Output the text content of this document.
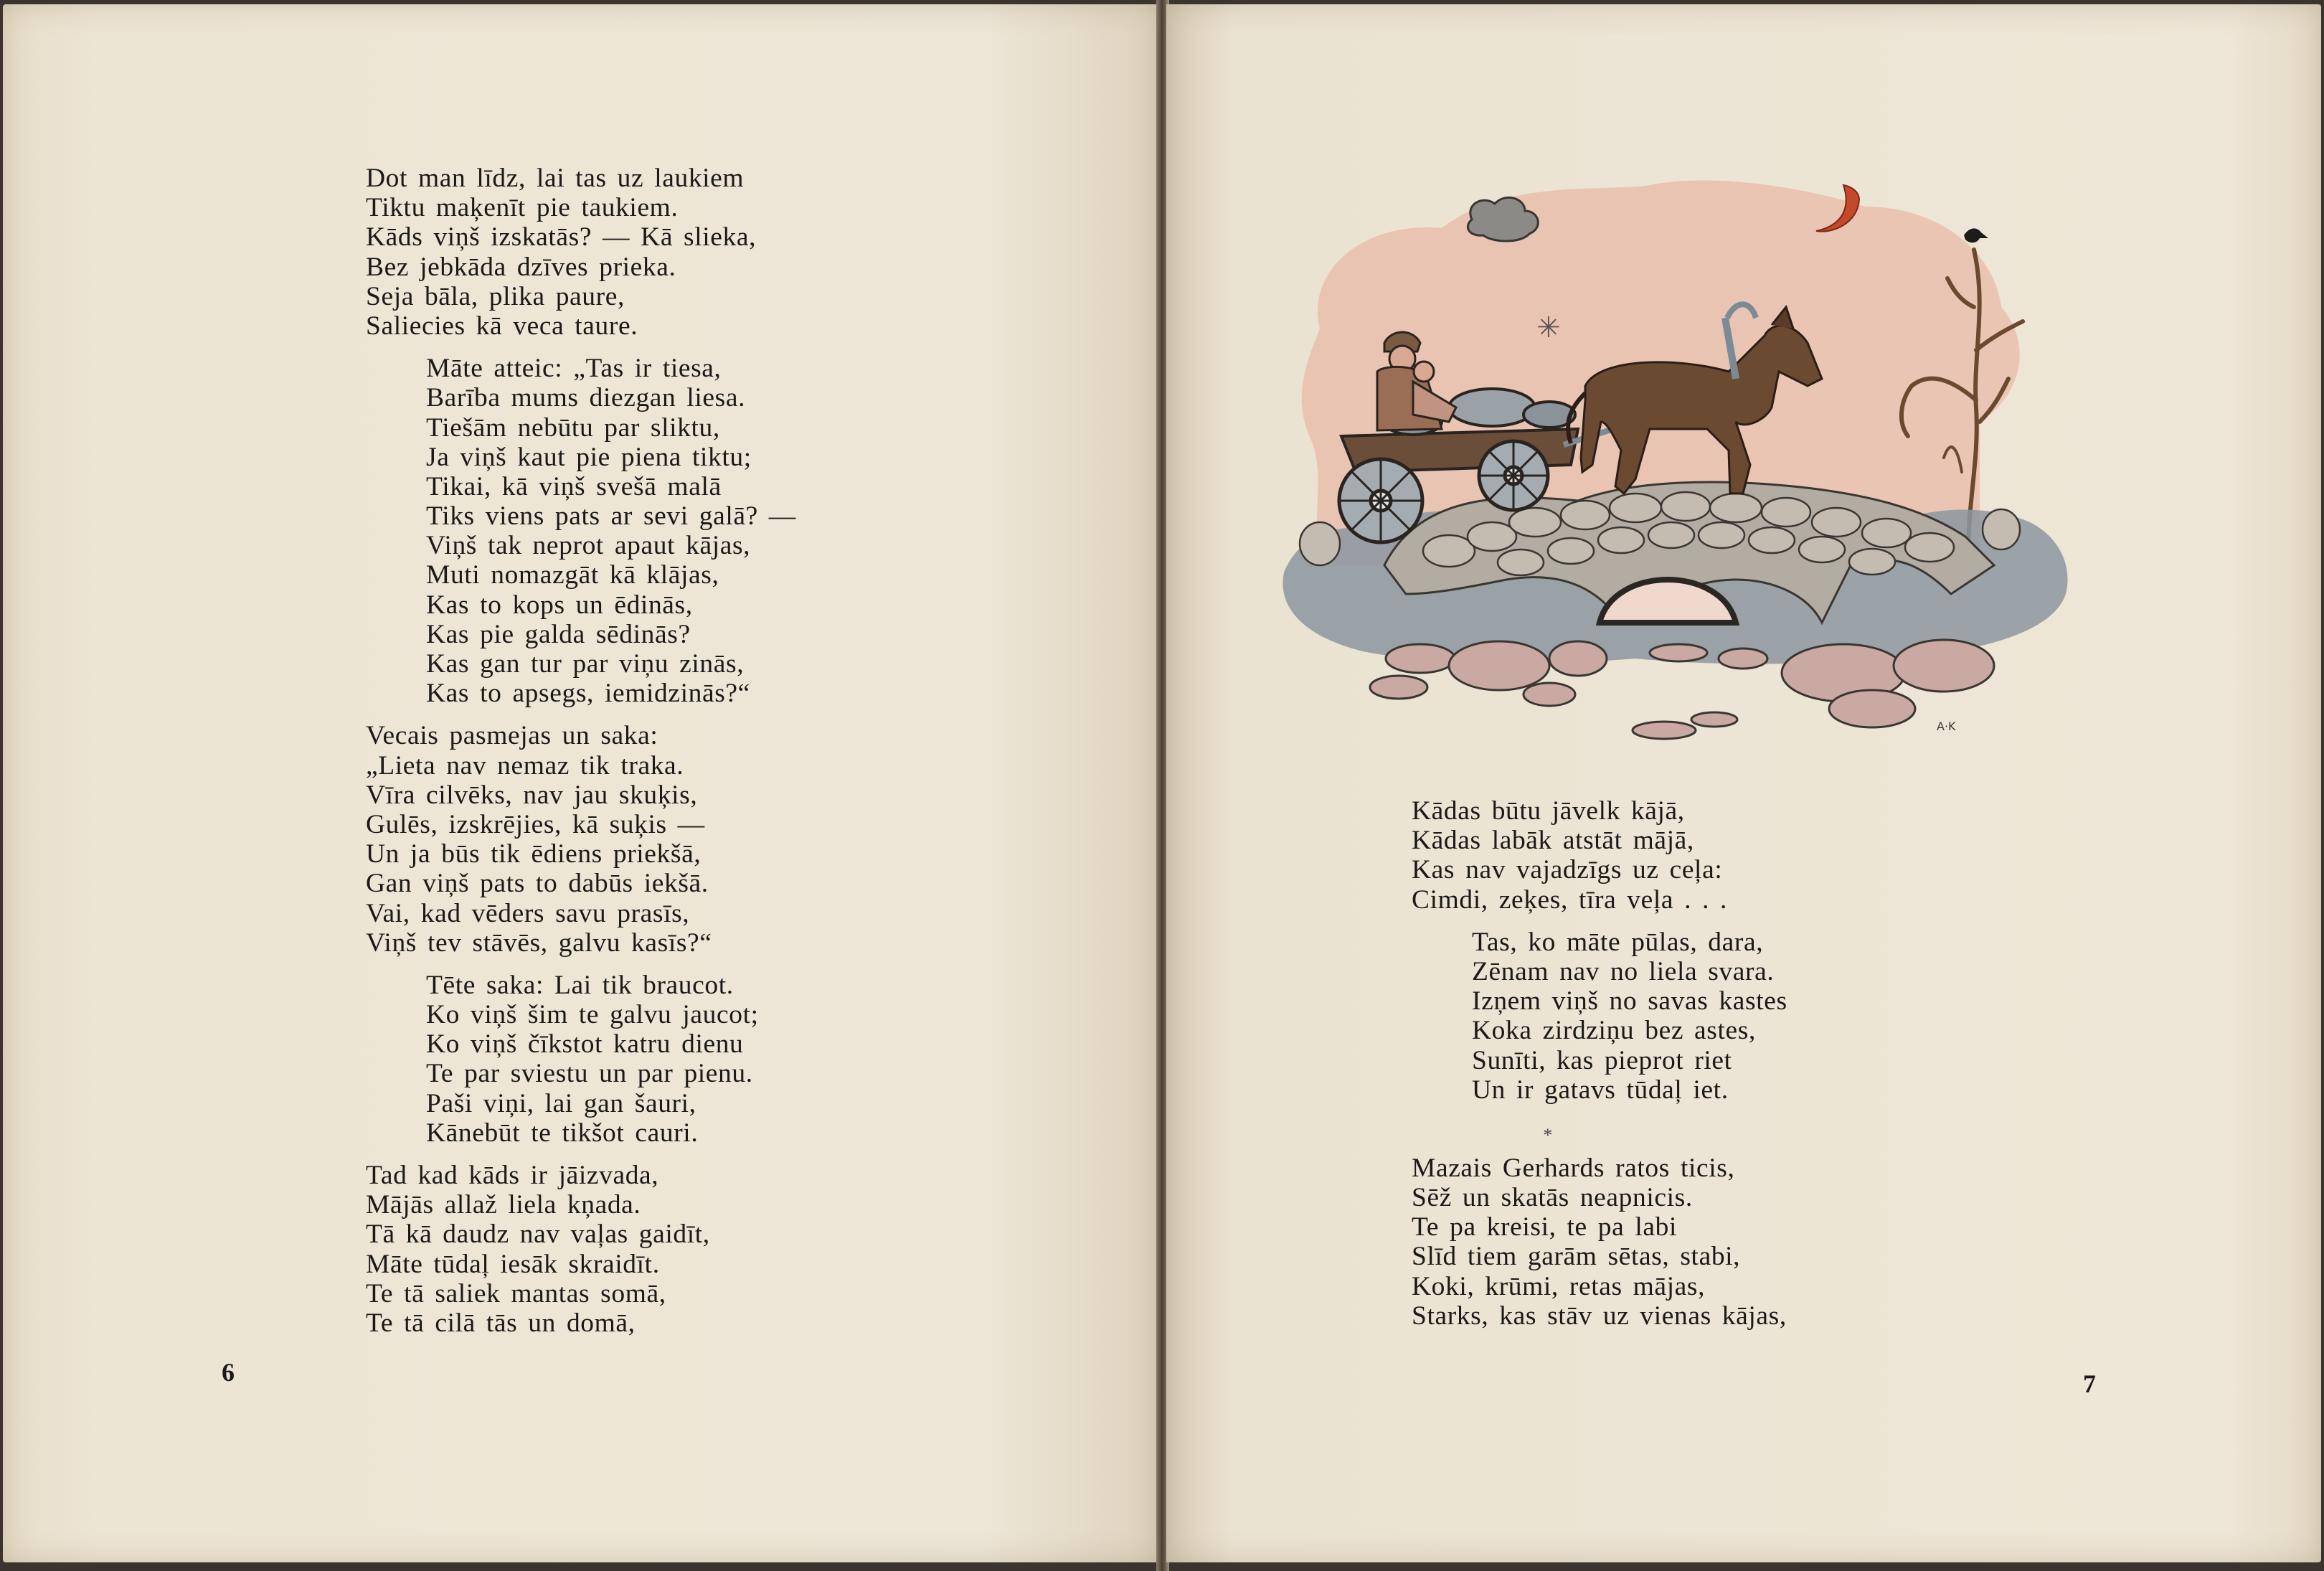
Dot man līdz, lai tas uz laukiem
Tiktu maķenīt pie taukiem.
Kāds viņš izskatās? — Kā slieka,
Bez jebkāda dzīves prieka.
Seja bāla, plika paure,
Saliecies kā veca taure.
Māte atteic: „Tas ir tiesa,
Barība mums diezgan liesa.
Tiešām nebūtu par sliktu,
Ja viņš kaut pie piena tiktu;
Tikai, kā viņš svešā malā
Tiks viens pats ar sevi galā? —
Viņš tak neprot apaut kājas,
Muti nomazgāt kā klājas,
Kas to kops un ēdinās,
Kas pie galda sēdinās?
Kas gan tur par viņu zinās,
Kas to apsegs, iemidzinās?“
Vecais pasmejas un saka:
„Lieta nav nemaz tik traka.
Vīra cilvēks, nav jau skuķis,
Gulēs, izskrējies, kā suķis —
Un ja būs tik ēdiens priekšā,
Gan viņš pats to dabūs iekšā.
Vai, kad vēders savu prasīs,
Viņš tev stāvēs, galvu kasīs?“
Tēte saka: Lai tik braucot.
Ko viņš šim te galvu jaucot;
Ko viņš čīkstot katru dienu
Te par sviestu un par pienu.
Paši viņi, lai gan šauri,
Kānebūt te tikšot cauri.
Tad kad kāds ir jāizvada,
Mājās allaž liela kņada.
Tā kā daudz nav vaļas gaidīt,
Māte tūdaļ iesāk skraidīt.
Te tā saliek mantas somā,
Te tā cilā tās un domā,
6	7
✳
A·K
Kādas būtu jāvelk kājā,
Kādas labāk atstāt mājā,
Kas nav vajadzīgs uz ceļa:
Cimdi, zeķes, tīra veļa . . .
Tas, ko māte pūlas, dara,
Zēnam nav no liela svara.
Izņem viņš no savas kastes
Koka zirdziņu bez astes,
Sunīti, kas pieprot riet
Un ir gatavs tūdaļ iet.
*
Mazais Gerhards ratos ticis,
Sēž un skatās neapnicis.
Te pa kreisi, te pa labi
Slīd tiem garām sētas, stabi,
Koki, krūmi, retas mājas,
Starks, kas stāv uz vienas kājas,
